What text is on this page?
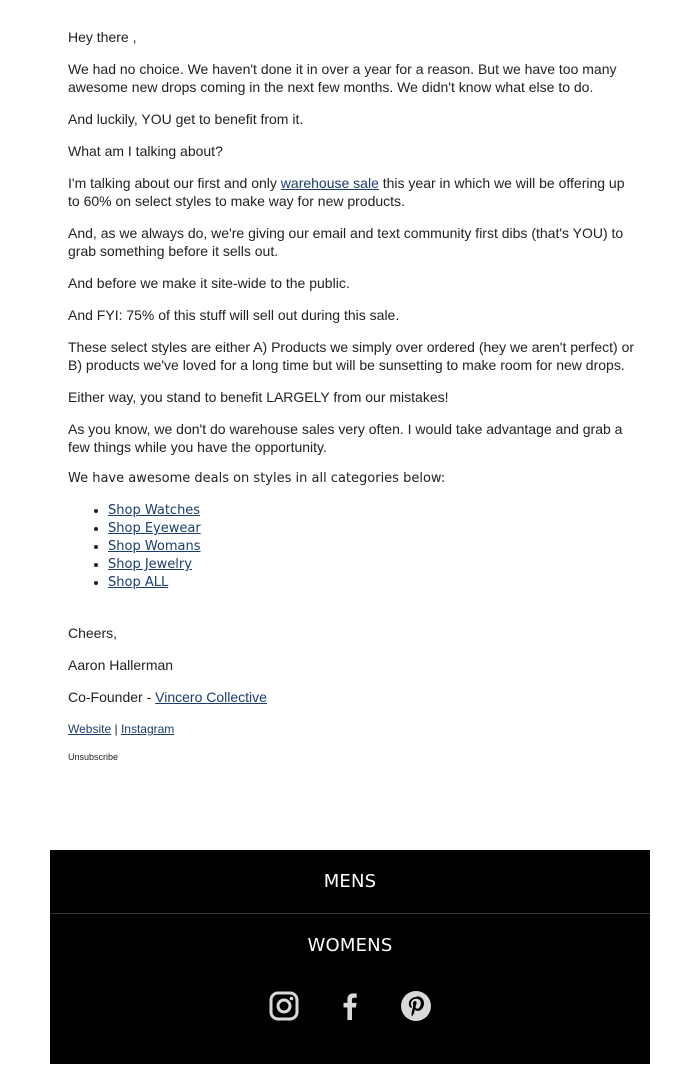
Hey there ,

We had no choice. We haven't done it in over a year for a reason. But we have too many awesome new drops coming in the next few months. We didn't know what else to do.

And luckily, YOU get to benefit from it.

What am I talking about?

I'm talking about our first and only warehouse sale this year in which we will be offering up to 60% on select styles to make way for new products.

And, as we always do, we're giving our email and text community first dibs (that's YOU) to grab something before it sells out.

And before we make it site-wide to the public.

And FYI: 75% of this stuff will sell out during this sale.

These select styles are either A) Products we simply over ordered (hey we aren't perfect) or B) products we've loved for a long time but will be sunsetting to make room for new drops.

Either way, you stand to benefit LARGELY from our mistakes!

As you know, we don't do warehouse sales very often. I would take advantage and grab a few things while you have the opportunity.

We have awesome deals on styles in all categories below:

• Shop Watches
• Shop Eyewear
• Shop Womans
• Shop Jewelry
• Shop ALL

Cheers,

Aaron Hallerman

Co-Founder - Vincero Collective

Website | Instagram

Unsubscribe

MENS
WOMENS
